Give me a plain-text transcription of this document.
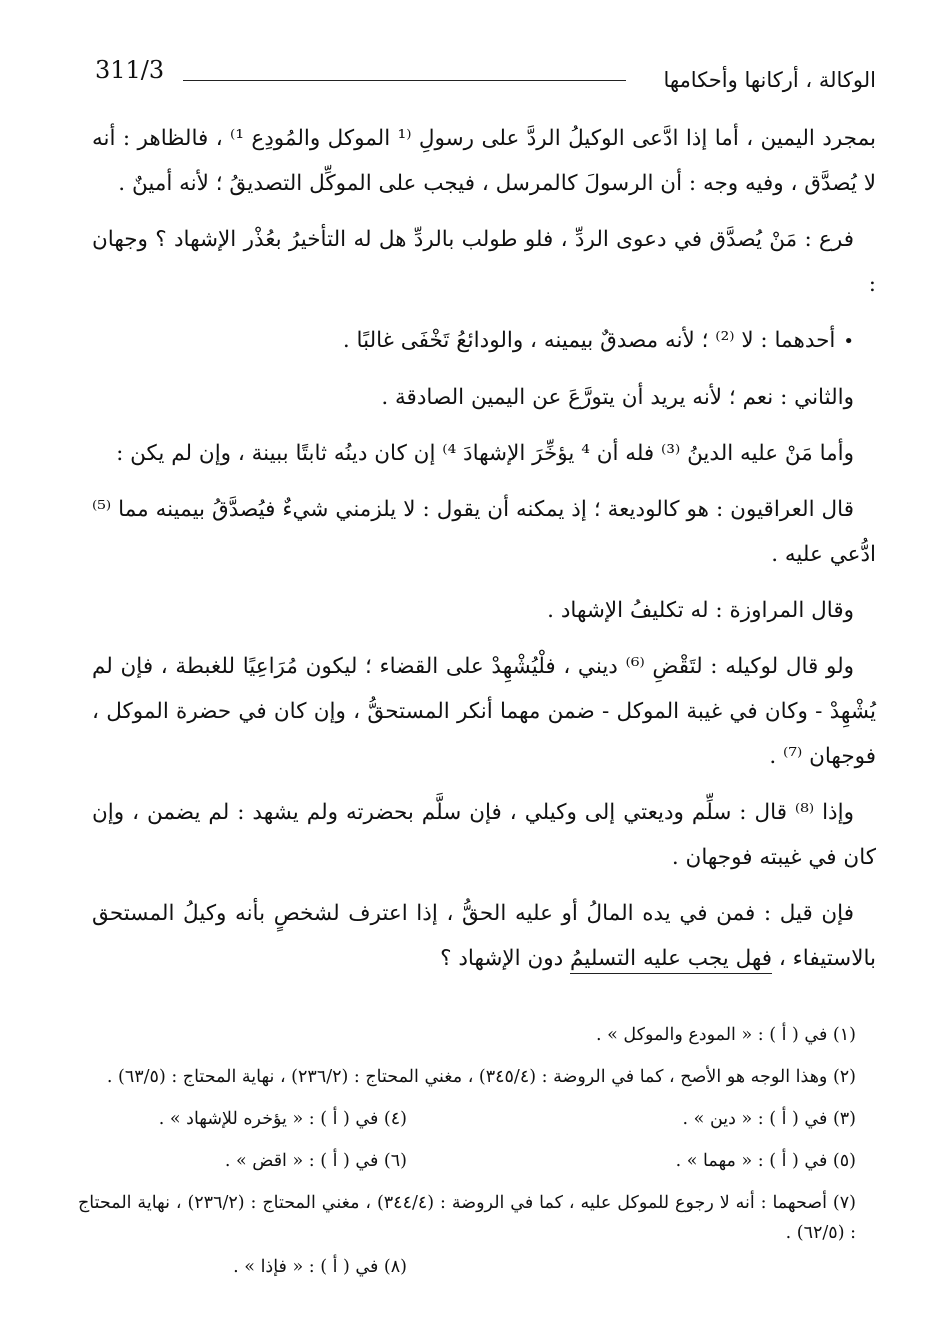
311/3	الوكالة ، أركانها وأحكامها

بمجرد اليمين ، أما إذا ادَّعى الوكيلُ الردَّ على رسولِ ⁽¹ الموكل والمُودِع ¹⁾ ، فالظاهر : أنه لا يُصدَّق ، وفيه وجه : أن الرسولَ كالمرسل ، فيجب على الموكِّل التصديقُ ؛ لأنه أمينٌ .

فرع : مَنْ يُصدَّق في دعوى الردِّ ، فلو طولب بالردِّ هل له التأخيرُ بعُذْر الإشهاد ؟ وجهان :

•أحدهما : لا ⁽²⁾ ؛ لأنه مصدقٌ بيمينه ، والودائعُ تَخْفَى غالبًا .

والثاني : نعم ؛ لأنه يريد أن يتورَّعَ عن اليمين الصادقة .

وأما مَنْ عليه الدينُ ⁽³⁾ فله أن ⁴ يؤخِّرَ الإشهادَ ⁴⁾ إن كان دينُه ثابتًا ببينة ، وإن لم يكن :

قال العراقيون : هو كالوديعة ؛ إذ يمكنه أن يقول : لا يلزمني شيءٌ فيُصدَّقُ بيمينه مما ⁽⁵⁾ ادُّعي عليه .

وقال المراوزة : له تكليفُ الإشهاد .

ولو قال لوكيله : لتَقْضِ ⁽⁶⁾ ديني ، فلْيُشْهِدْ على القضاء ؛ ليكون مُرَاعِيًا للغبطة ، فإن لم يُشْهِدْ - وكان في غيبة الموكل - ضمن مهما أنكر المستحقُّ ، وإن كان في حضرة الموكل ، فوجهان ⁽⁷⁾ .

وإذا ⁽⁸⁾ قال : سلِّم وديعتي إلى وكيلي ، فإن سلَّم بحضرته ولم يشهد : لم يضمن ، وإن كان في غيبته فوجهان .

فإن قيل : فمن في يده المالُ أو عليه الحقُّ ، إذا اعترف لشخصٍ بأنه وكيلُ المستحق بالاستيفاء ، فهل يجب عليه التسليمُ دون الإشهاد ؟

(١) في ( أ ) : « المودع والموكل » .
(٢) وهذا الوجه هو الأصح ، كما في الروضة : (٣٤٥/٤) ، مغني المحتاج : (٢٣٦/٢) ، نهاية المحتاج : (٦٣/٥) .
(٣) في ( أ ) : « دين » .
(٤) في ( أ ) : « يؤخره للإشهاد » .
(٥) في ( أ ) : « مهما » .
(٦) في ( أ ) : « اقض » .
(٧) أصحهما : أنه لا رجوع للموكل عليه ، كما في الروضة : (٣٤٤/٤) ، مغني المحتاج : (٢٣٦/٢) ، نهاية المحتاج : (٦٢/٥) .
(٨) في ( أ ) : « فإذا » .
